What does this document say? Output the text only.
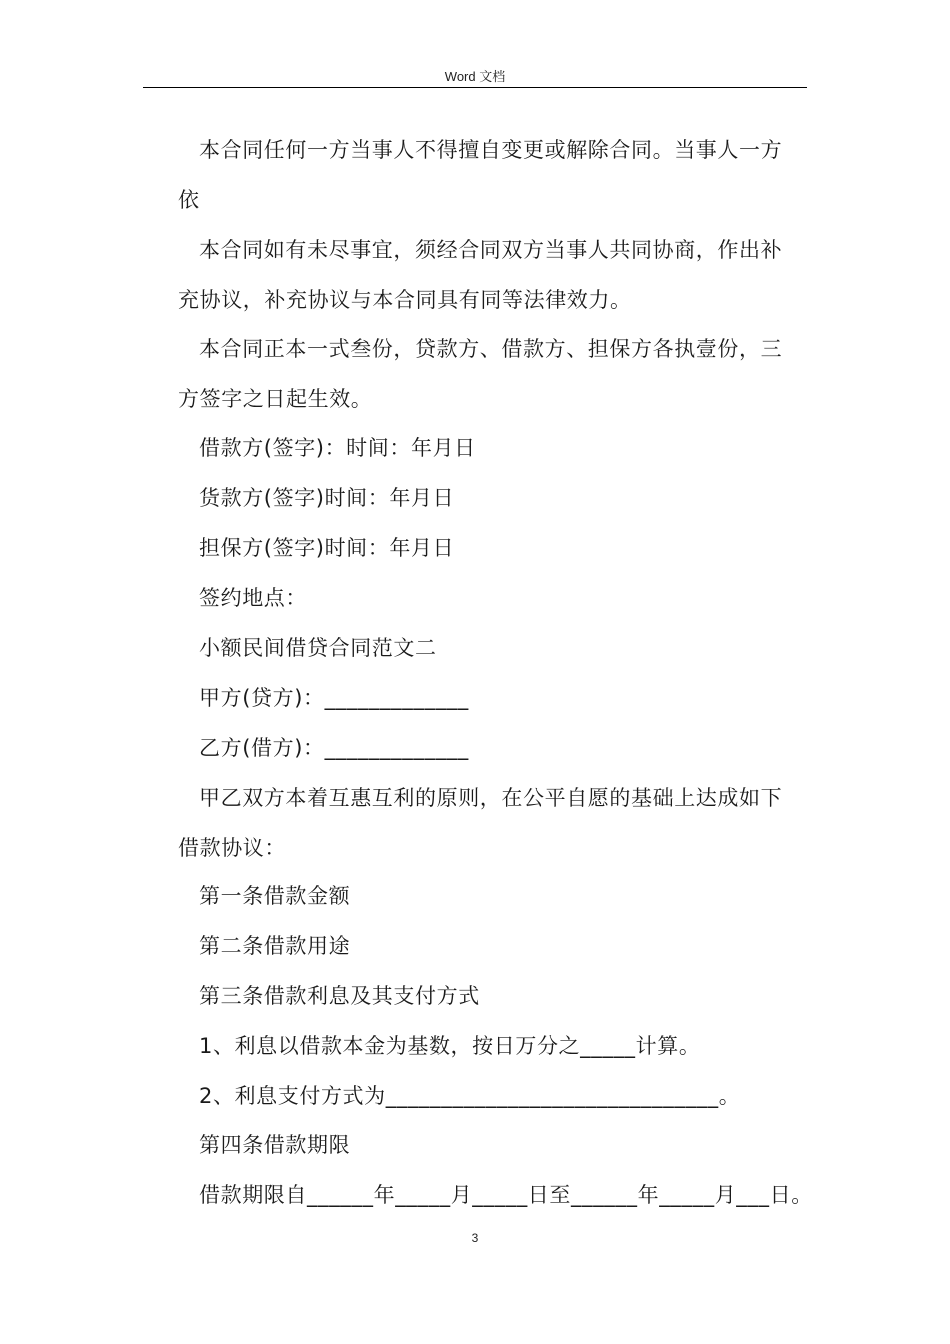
Word 文档
本合同任何一方当事人不得擅自变更或解除合同。当事人一方
依
本合同如有未尽事宜，须经合同双方当事人共同协商，作出补
充协议，补充协议与本合同具有同等法律效力。
本合同正本一式叁份，贷款方、借款方、担保方各执壹份，三
方签字之日起生效。
借款方(签字)：时间：年月日
货款方(签字)时间：年月日
担保方(签字)时间：年月日
签约地点：
小额民间借贷合同范文二
甲方(贷方)：_____________
乙方(借方)：_____________
甲乙双方本着互惠互利的原则，在公平自愿的基础上达成如下
借款协议：
第一条借款金额
第二条借款用途
第三条借款利息及其支付方式
1、利息以借款本金为基数，按日万分之_____计算。
2、利息支付方式为______________________________。
第四条借款期限
借款期限自______年_____月_____日至______年_____月___日。
3
